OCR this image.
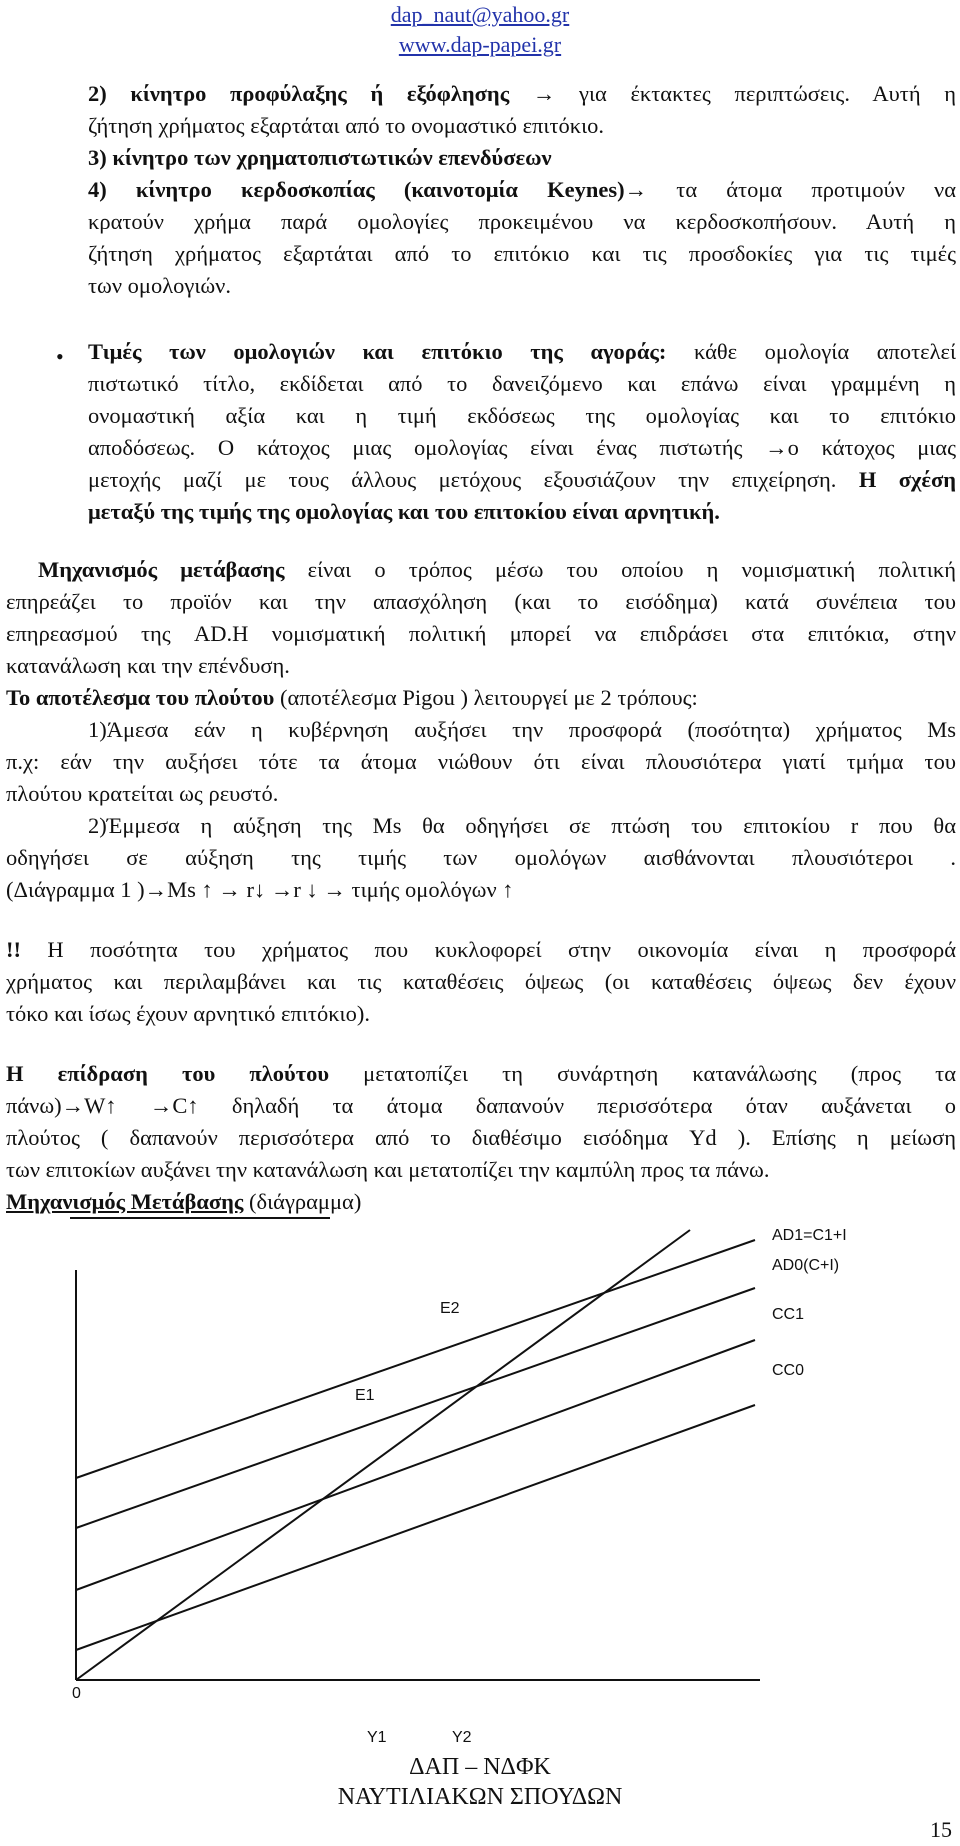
dap_naut@yahoo.gr
www.dap-papei.gr
2) κίνητρο προφύλαξης ή εξόφλησης → για έκτακτες περιπτώσεις. Αυτή η
ζήτηση χρήματος εξαρτάται από το ονομαστικό επιτόκιο.
3) κίνητρο των χρηματοπιστωτικών επενδύσεων
4) κίνητρο κερδοσκοπίας (καινοτομία Keynes)→ τα άτομα προτιμούν να
κρατούν χρήμα παρά ομολογίες προκειμένου να κερδοσκοπήσουν. Αυτή η
ζήτηση χρήματος εξαρτάται από το επιτόκιο και τις προσδοκίες για τις τιμές
των ομολογιών.
• Τιμές των ομολογιών και επιτόκιο της αγοράς: κάθε ομολογία αποτελεί
πιστωτικό τίτλο, εκδίδεται από το δανειζόμενο και επάνω είναι γραμμένη η
ονομαστική αξία και η τιμή εκδόσεως της ομολογίας και το επιτόκιο
αποδόσεως. Ο κάτοχος μιας ομολογίας είναι ένας πιστωτής →ο κάτοχος μιας
μετοχής μαζί με τους άλλους μετόχους εξουσιάζουν την επιχείρηση. Η σχέση
μεταξύ της τιμής της ομολογίας και του επιτοκίου είναι αρνητική.
Μηχανισμός μετάβασης είναι ο τρόπος μέσω του οποίου η νομισματική πολιτική
επηρεάζει το προϊόν και την απασχόληση (και το εισόδημα) κατά συνέπεια του
επηρεασμού της AD.Η νομισματική πολιτική μπορεί να επιδράσει στα επιτόκια, στην
κατανάλωση και την επένδυση.
Το αποτέλεσμα του πλούτου (αποτέλεσμα Pigou ) λειτουργεί με 2 τρόπους:
1)Άμεσα εάν η κυβέρνηση αυξήσει την προσφορά (ποσότητα) χρήματος Ms
π.χ: εάν την αυξήσει τότε τα άτομα νιώθουν ότι είναι πλουσιότερα γιατί τμήμα του
πλούτου κρατείται ως ρευστό.
2)Έμμεσα η αύξηση της Ms θα οδηγήσει σε πτώση του επιτοκίου r που θα
οδηγήσει σε αύξηση της τιμής των ομολόγων αισθάνονται πλουσιότεροι .
(Διάγραμμα 1 )→Ms ↑ → r↓ →r ↓ → τιμής ομολόγων ↑
!! Η ποσότητα του χρήματος που κυκλοφορεί στην οικονομία είναι η προσφορά
χρήματος και περιλαμβάνει και τις καταθέσεις όψεως (οι καταθέσεις όψεως δεν έχουν
τόκο και ίσως έχουν αρνητικό επιτόκιο).
Η επίδραση του πλούτου μετατοπίζει τη συνάρτηση κατανάλωσης (προς τα
πάνω)→W↑ →C↑ δηλαδή τα άτομα δαπανούν περισσότερα όταν αυξάνεται ο
πλούτος ( δαπανούν περισσότερα από το διαθέσιμο εισόδημα Yd ). Επίσης η μείωση
των επιτοκίων αυξάνει την κατανάλωση και μετατοπίζει την καμπύλη προς τα πάνω.
Μηχανισμός Μετάβασης (διάγραμμα)
AD1=C1+I
AD0(C+I)
CC1
CC0
E2
E1
0
Y1	Y2
ΔΑΠ – ΝΔΦΚ
ΝΑΥΤΙΛΙΑΚΩΝ ΣΠΟΥΔΩΝ
15
